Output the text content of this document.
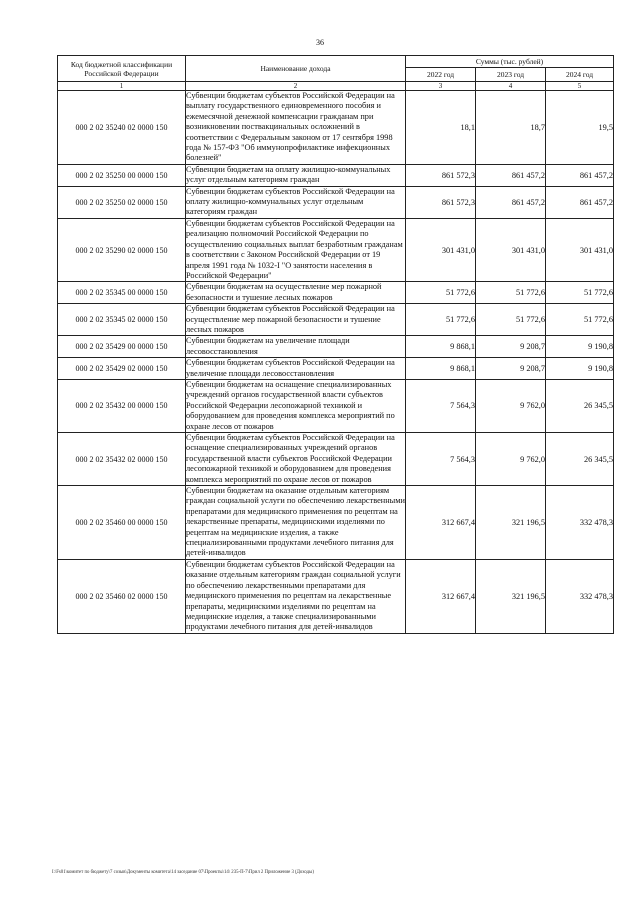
36
Код бюджетной классификации Российской Федерации	Наименование дохода	Суммы (тыс. рублей)		
		2022 год	2023 год	2024 год
1	2	3	4	5
000 2 02 35240 02 0000 150	Субвенции бюджетам субъектов Российской Федерации на выплату государственного единовременного пособия и ежемесячной денежной компенсации гражданам при возникновении поствакцинальных осложнений в соответствии с Федеральным законом от 17 сентября 1998 года № 157-ФЗ "Об иммунопрофилактике инфекционных болезней"	18,1	18,7	19,5
000 2 02 35250 00 0000 150	Субвенции бюджетам на оплату жилищно-коммунальных услуг отдельным категориям граждан	861 572,3	861 457,2	861 457,2
000 2 02 35250 02 0000 150	Субвенции бюджетам субъектов Российской Федерации на оплату жилищно-коммунальных услуг отдельным категориям граждан	861 572,3	861 457,2	861 457,2
000 2 02 35290 02 0000 150	Субвенции бюджетам субъектов Российской Федерации на реализацию полномочий Российской Федерации по осуществлению социальных выплат безработным гражданам в соответствии с Законом Российской Федерации от 19 апреля 1991 года № 1032-I "О занятости населения в Российской Федерации"	301 431,0	301 431,0	301 431,0
000 2 02 35345 00 0000 150	Субвенции бюджетам на осуществление мер пожарной безопасности и тушение лесных пожаров	51 772,6	51 772,6	51 772,6
000 2 02 35345 02 0000 150	Субвенции бюджетам субъектов Российской Федерации на осуществление мер пожарной безопасности и тушение лесных пожаров	51 772,6	51 772,6	51 772,6
000 2 02 35429 00 0000 150	Субвенции бюджетам на увеличение площади лесовосстановления	9 868,1	9 208,7	9 190,8
000 2 02 35429 02 0000 150	Субвенции бюджетам субъектов Российской Федерации на увеличение площади лесовосстановления	9 868,1	9 208,7	9 190,8
000 2 02 35432 00 0000 150	Субвенции бюджетам на оснащение специализированных учреждений органов государственной власти субъектов Российской Федерации лесопожарной техникой и оборудованием для проведения комплекса мероприятий по охране лесов от пожаров	7 564,3	9 762,0	26 345,5
000 2 02 35432 02 0000 150	Субвенции бюджетам субъектов Российской Федерации на оснащение специализированных учреждений органов государственной власти субъектов Российской Федерации лесопожарной техникой и оборудованием для проведения комплекса мероприятий по охране лесов от пожаров	7 564,3	9 762,0	26 345,5
000 2 02 35460 00 0000 150	Субвенции бюджетам на оказание отдельным категориям граждан социальной услуги по обеспечению лекарственными препаратами для медицинского применения по рецептам на лекарственные препараты, медицинскими изделиями по рецептам на медицинские изделия, а также специализированными продуктами лечебного питания для детей-инвалидов	312 667,4	321 196,5	332 478,3
000 2 02 35460 02 0000 150	Субвенции бюджетам субъектов Российской Федерации на оказание отдельным категориям граждан социальной услуги по обеспечению лекарственными препаратами для медицинского применения по рецептам на лекарственные препараты, медицинскими изделиями по рецептам на медицинские изделия, а также специализированными продуктами лечебного питания для детей-инвалидов	312 667,4	321 196,5	332 478,3
I:\Fs01\комитет по бюджету\7 созыв\Документы комитета\14 заседание 07\Проекты\14\ 235-П-7\Прил 2 Приложение 3 (Доходы)
